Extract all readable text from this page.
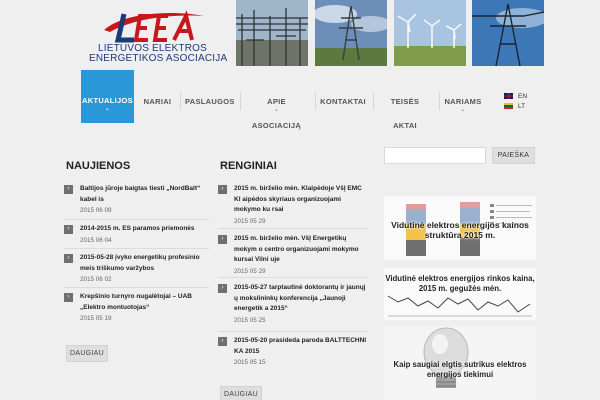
LIETUVOS ELEKTROS
ENERGETIKOS ASOCIACIJA
AKTUALIJOS
⌄
NARIAI	PASLAUGOS	APIE ASOCIACIJĄ
⌄
KONTAKTAI	TEISĖS AKTAI
NARIAMS
⌄
EN
LT
NAUJIENOS
›	Baltijos jūroje baigtas tiesti „NordBalt“ kabel is
2015 06 09
›	2014-2015 m. ES paramos priemonės
2015 06 04
›	2015-05-28 įvyko energetikų profesinio meis triškumo varžybos
2015 06 02
›	Krepšinio turnyro nugalėtojai – UAB „Elektro montuotojas“
2015 05 19
DAUGIAU
RENGINIAI
›	2015 m. birželio mėn. Klaipėdoje VšĮ EMC Kl aipėdos skyriaus organizuojami mokymo ku rsai
2015 05 29
›	2015 m. birželio mėn. VšĮ Energetikų mokym o centro organizuojami mokymo kursai Vilni uje
2015 05 29
›	2015-05-27 tarptautinė doktorantų ir jaunųj ų mokslininkų konferencija „Jaunoji energetik a 2015“
2015 05 25
›	2015-05-20 prasideda paroda BALTTECHNI KA 2015
2015 05 15
DAUGIAU
PAIEŠKA
Vidutinė elektros energijos kainos struktūra 2015 m.
Vidutinė elektros energijos rinkos kaina, 2015 m. gegužės mėn.
Kaip saugiai elgtis sutrikus elektros energijos tiekimui
